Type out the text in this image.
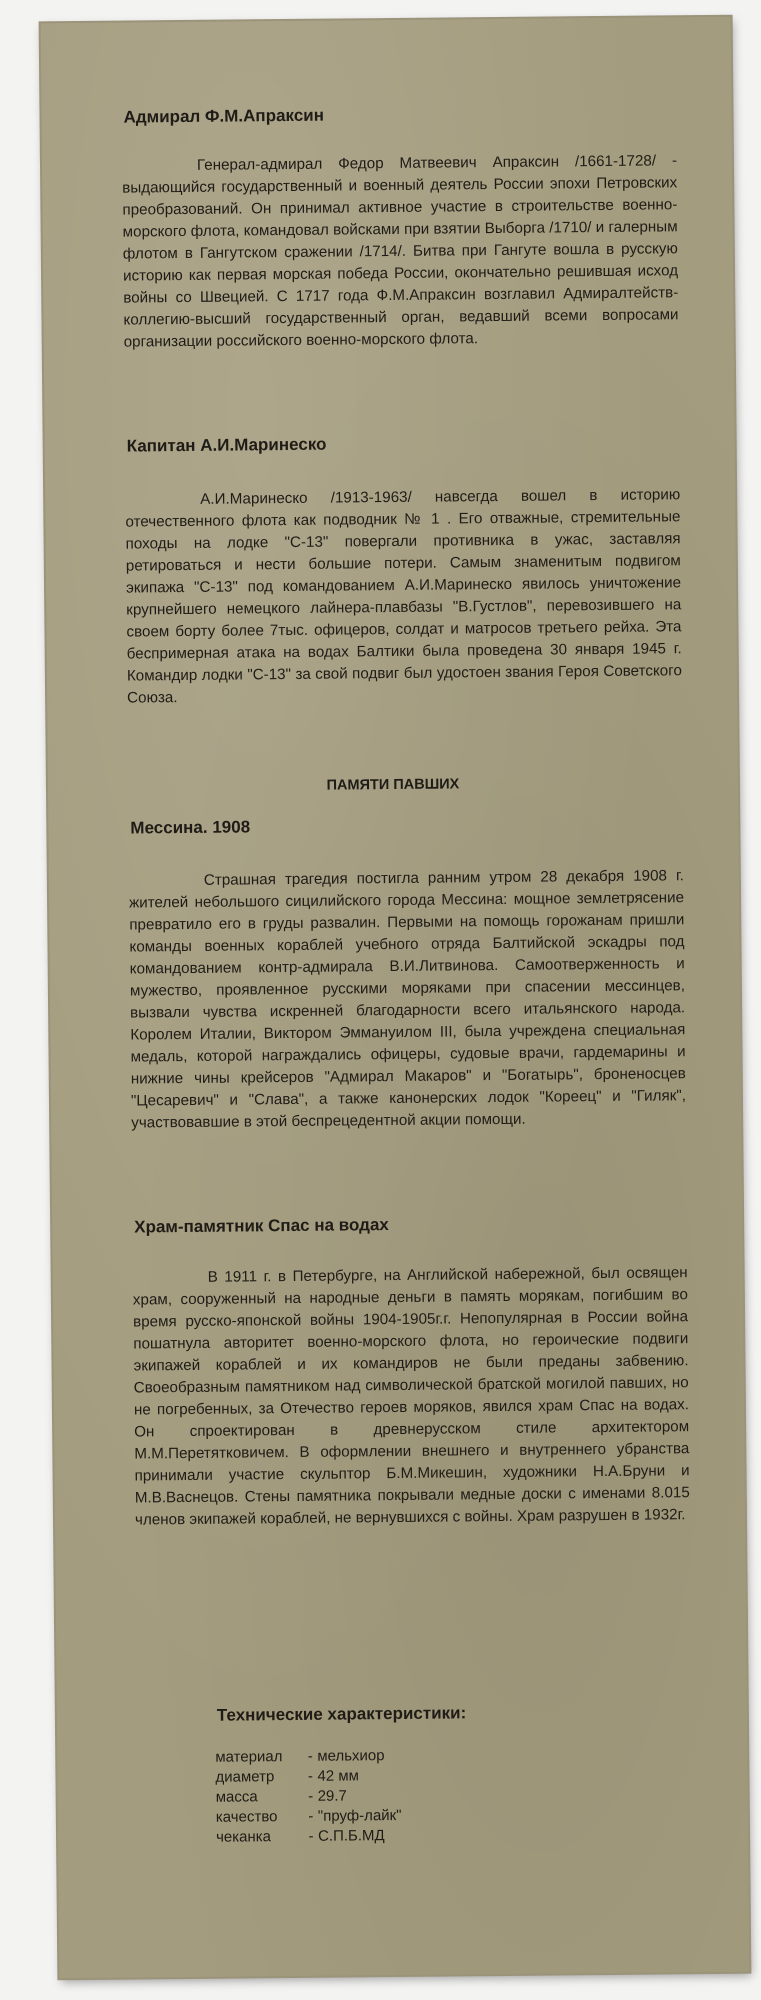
Адмирал Ф.М.Апраксин

Генерал-адмирал Федор Матвеевич Апраксин /1661-1728/ - выдающийся государственный и военный деятель России эпохи Петровских преобразований. Он принимал активное участие в строительстве военно-морского флота, командовал войсками при взятии Выборга /1710/ и галерным флотом в Гангутском сражении /1714/. Битва при Гангуте вошла в русскую историю как первая морская победа России, окончательно решившая исход войны со Швецией. С 1717 года Ф.М.Апраксин возглавил Адмиралтейств-коллегию-высший государственный орган, ведавший всеми вопросами организации российского военно-морского флота.

Капитан А.И.Маринеско

А.И.Маринеско /1913-1963/ навсегда вошел в историю отечественного флота как подводник № 1 . Его отважные, стремительные походы на лодке "С-13" повергали противника в ужас, заставляя ретироваться и нести большие потери. Самым знаменитым подвигом экипажа "С-13" под командованием А.И.Маринеско явилось уничтожение крупнейшего немецкого лайнера-плавбазы "В.Густлов", перевозившего на своем борту более 7тыс. офицеров, солдат и матросов третьего рейха. Эта беспримерная атака на водах Балтики была проведена 30 января 1945 г. Командир лодки "С-13" за свой подвиг был удостоен звания Героя Советского Союза.

ПАМЯТИ ПАВШИХ
Мессина. 1908

Страшная трагедия постигла ранним утром 28 декабря 1908 г. жителей небольшого сицилийского города Мессина: мощное землетрясение превратило его в груды развалин. Первыми на помощь горожанам пришли команды военных кораблей учебного отряда Балтийской эскадры под командованием контр-адмирала В.И.Литвинова. Самоотверженность и мужество, проявленное русскими моряками при спасении мессинцев, вызвали чувства искренней благодарности всего итальянского народа. Королем Италии, Виктором Эммануилом III, была учреждена специальная медаль, которой награждались офицеры, судовые врачи, гардемарины и нижние чины крейсеров "Адмирал Макаров" и "Богатырь", броненосцев "Цесаревич" и "Слава", а также канонерских лодок "Кореец" и "Гиляк", участвовавшие в этой беспрецедентной акции помощи.

Храм-памятник Спас на водах

В 1911 г. в Петербурге, на Английской набережной, был освящен храм, сооруженный на народные деньги в память морякам, погибшим во время русско-японской войны 1904-1905г.г. Непопулярная в России война пошатнула авторитет военно-морского флота, но героические подвиги экипажей кораблей и их командиров не были преданы забвению. Своеобразным памятником над символической братской могилой павших, но не погребенных, за Отечество героев моряков, явился храм Спас на водах. Он спроектирован в древнерусском стиле архитектором М.М.Перетятковичем. В оформлении внешнего и внутреннего убранства принимали участие скульптор Б.М.Микешин, художники Н.А.Бруни и М.В.Васнецов. Стены памятника покрывали медные доски с именами 8.015 членов экипажей кораблей, не вернувшихся с войны. Храм разрушен в 1932г.

Технические характеристики:
материал	- мельхиор
диаметр	- 42 мм
масса	- 29.7
качество	- "пруф-лайк"
чеканка	- С.П.Б.МД
